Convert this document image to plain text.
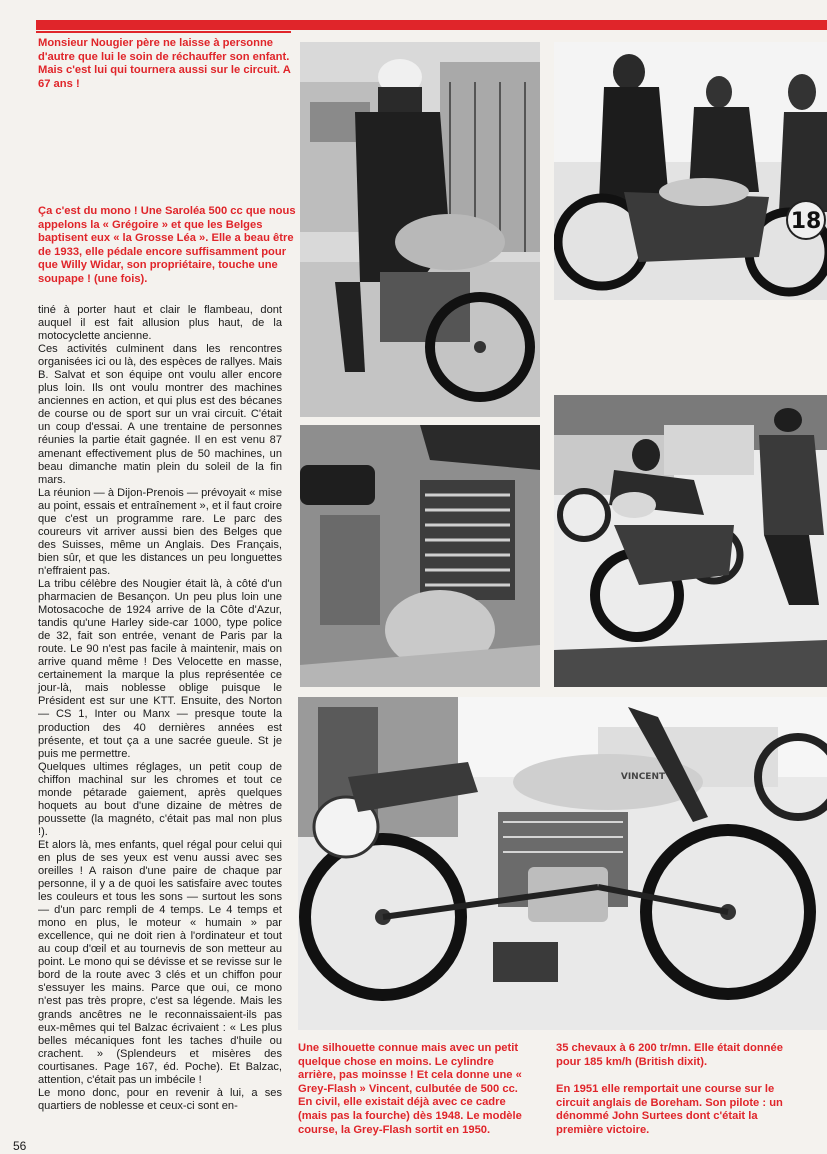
Monsieur Nougier père ne laisse à personne d'autre que lui le soin de réchauffer son enfant. Mais c'est lui qui tournera aussi sur le circuit. A 67 ans !

Ça c'est du mono ! Une Saroléa 500 cc que nous appelons la « Grégoire » et que les Belges baptisent eux « la Grosse Léa ». Elle a beau être de 1933, elle pédale encore suffisamment pour que Willy Widar, son propriétaire, touche une soupape ! (une fois).

tiné à porter haut et clair le flambeau, dont auquel il est fait allusion plus haut, de la motocyclette ancienne.

Ces activités culminent dans les rencontres organisées ici ou là, des espèces de rallyes. Mais B. Salvat et son équipe ont voulu aller encore plus loin. Ils ont voulu montrer des machines anciennes en action, et qui plus est des bécanes de course ou de sport sur un vrai circuit. C'était un coup d'essai. A une trentaine de personnes réunies la partie était gagnée. Il en est venu 87 amenant effectivement plus de 50 machines, un beau dimanche matin plein du soleil de la fin mars.

La réunion — à Dijon-Prenois — prévoyait « mise au point, essais et entraînement », et il faut croire que c'est un programme rare. Le parc des coureurs vit arriver aussi bien des Belges que des Suisses, même un Anglais. Des Français, bien sûr, et que les distances un peu longuettes n'effraient pas.

La tribu célèbre des Nougier était là, à côté d'un pharmacien de Besançon. Un peu plus loin une Motosacoche de 1924 arrive de la Côte d'Azur, tandis qu'une Harley side-car 1000, type police de 32, fait son entrée, venant de Paris par la route. Le 90 n'est pas facile à maintenir, mais on arrive quand même ! Des Velocette en masse, certainement la marque la plus représentée ce jour-là, mais noblesse oblige puisque le Président est sur une KTT. Ensuite, des Norton — CS 1, Inter ou Manx — presque toute la production des 40 dernières années est présente, et tout ça a une sacrée gueule. St je puis me permettre.

Quelques ultimes réglages, un petit coup de chiffon machinal sur les chromes et tout ce monde pétarade gaiement, après quelques hoquets au bout d'une dizaine de mètres de poussette (la magnéto, c'était pas mal non plus !).

Et alors là, mes enfants, quel régal pour celui qui en plus de ses yeux est venu aussi avec ses oreilles ! A raison d'une paire de chaque par personne, il y a de quoi les satisfaire avec toutes les couleurs et tous les sons — surtout les sons — d'un parc rempli de 4 temps. Le 4 temps et mono en plus, le moteur « humain » par excellence, qui ne doit rien à l'ordinateur et tout au coup d'œil et au tournevis de son metteur au point. Le mono qui se dévisse et se revisse sur le bord de la route avec 3 clés et un chiffon pour s'essuyer les mains. Parce que oui, ce mono n'est pas très propre, c'est sa légende. Mais les grands ancêtres ne le reconnaissaient-ils pas eux-mêmes qui tel Balzac écrivaient : « Les plus belles mécaniques font les taches d'huile ou crachent. » (Splendeurs et misères des courtisanes. Page 167, éd. Poche). Et Balzac, attention, c'était pas un imbécile !

Le mono donc, pour en revenir à lui, a ses quartiers de noblesse et ceux-ci sont en-

56
18
VINCENT

Une silhouette connue mais avec un petit quelque chose en moins. Le cylindre arrière, pas moinsse ! Et cela donne une « Grey-Flash » Vincent, culbutée de 500 cc. En civil, elle existait déjà avec ce cadre (mais pas la fourche) dès 1948. Le modèle course, la Grey-Flash sortit en 1950.

35 chevaux à 6 200 tr/mn. Elle était donnée pour 185 km/h (British dixit).

En 1951 elle remportait une course sur le circuit anglais de Boreham. Son pilote : un dénommé John Surtees dont c'était la première victoire.
